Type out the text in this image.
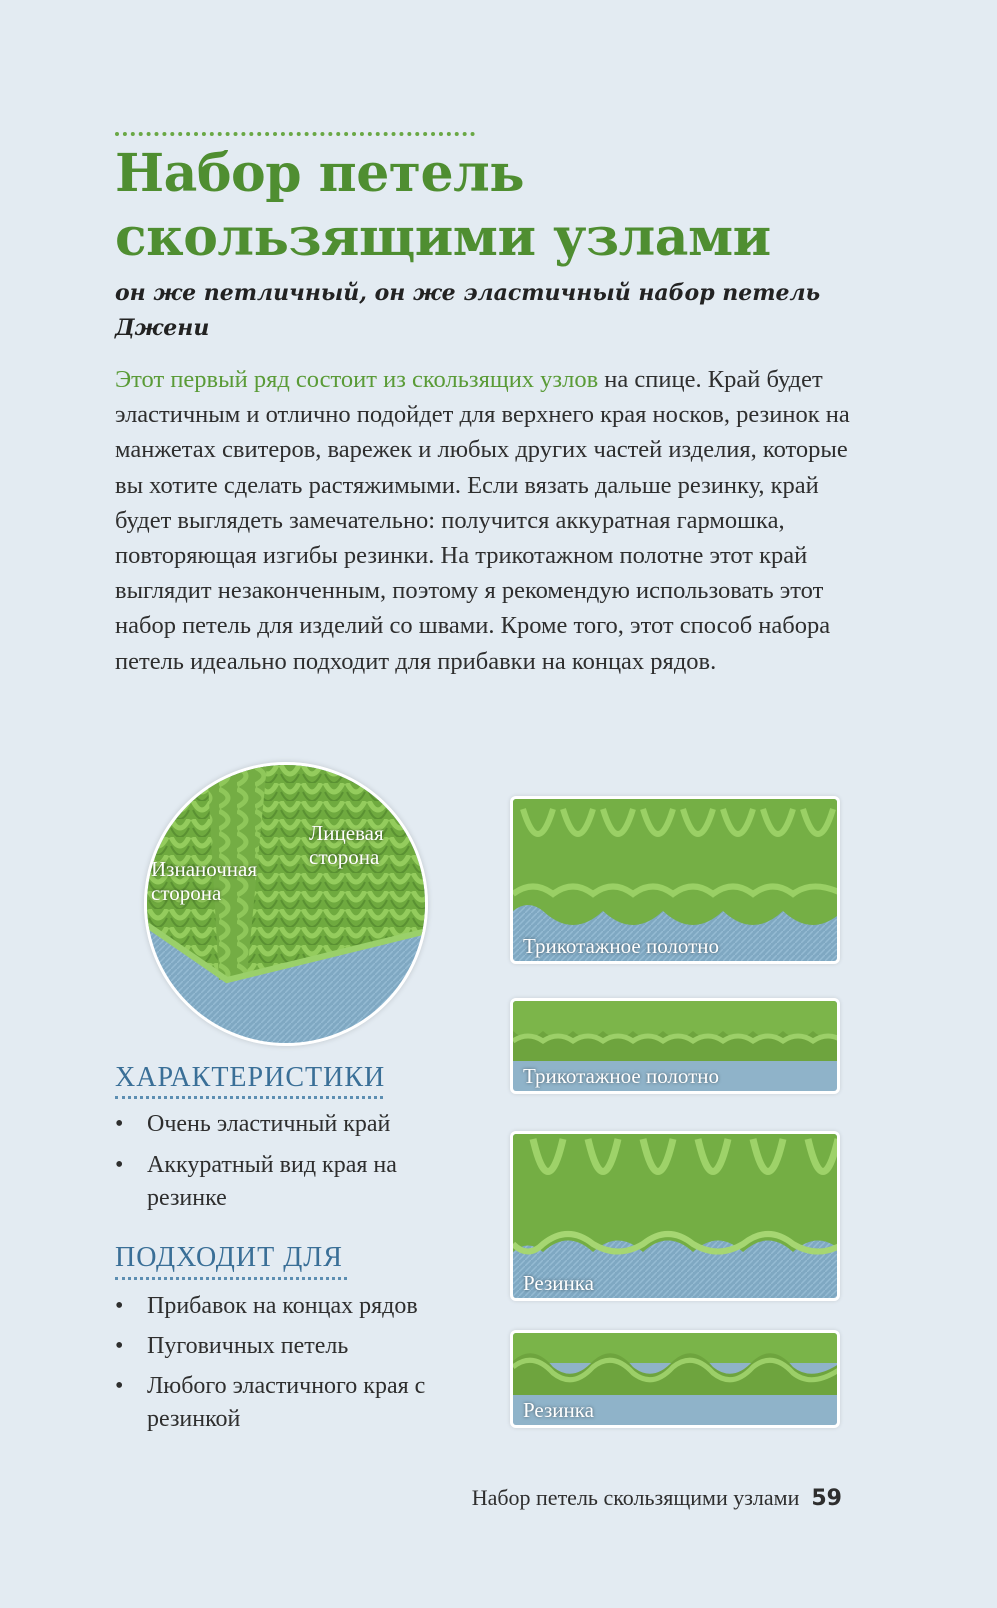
Набор петель
скользящими узлами

он же петличный, он же эластичный набор петель Джени

Этот первый ряд состоит из скользящих узлов на спице. Край будет эластичным и отлично подойдет для верхнего края носков, резинок на манжетах свитеров, варежек и любых других частей изделия, которые вы хотите сделать растяжимыми. Если вязать дальше резинку, край будет выглядеть замечательно: получится аккуратная гармошка, повторяющая изгибы резинки. На трикотажном полотне этот край выглядит незаконченным, поэтому я рекомендую использовать этот набор петель для изделий со швами. Кроме того, этот способ набора петель идеально подходит для прибавки на концах рядов.

Изнаночная сторона
Лицевая сторона
ХАРАКТЕРИСТИКИ
• Очень эластичный край
• Аккуратный вид края на резинке
ПОДХОДИТ ДЛЯ
• Прибавок на концах рядов
• Пуговичных петель
• Любого эластичного края с резинкой
Трикотажное полотно
Трикотажное полотно
Резинка
Резинка
Набор петель скользящими узлами 59
